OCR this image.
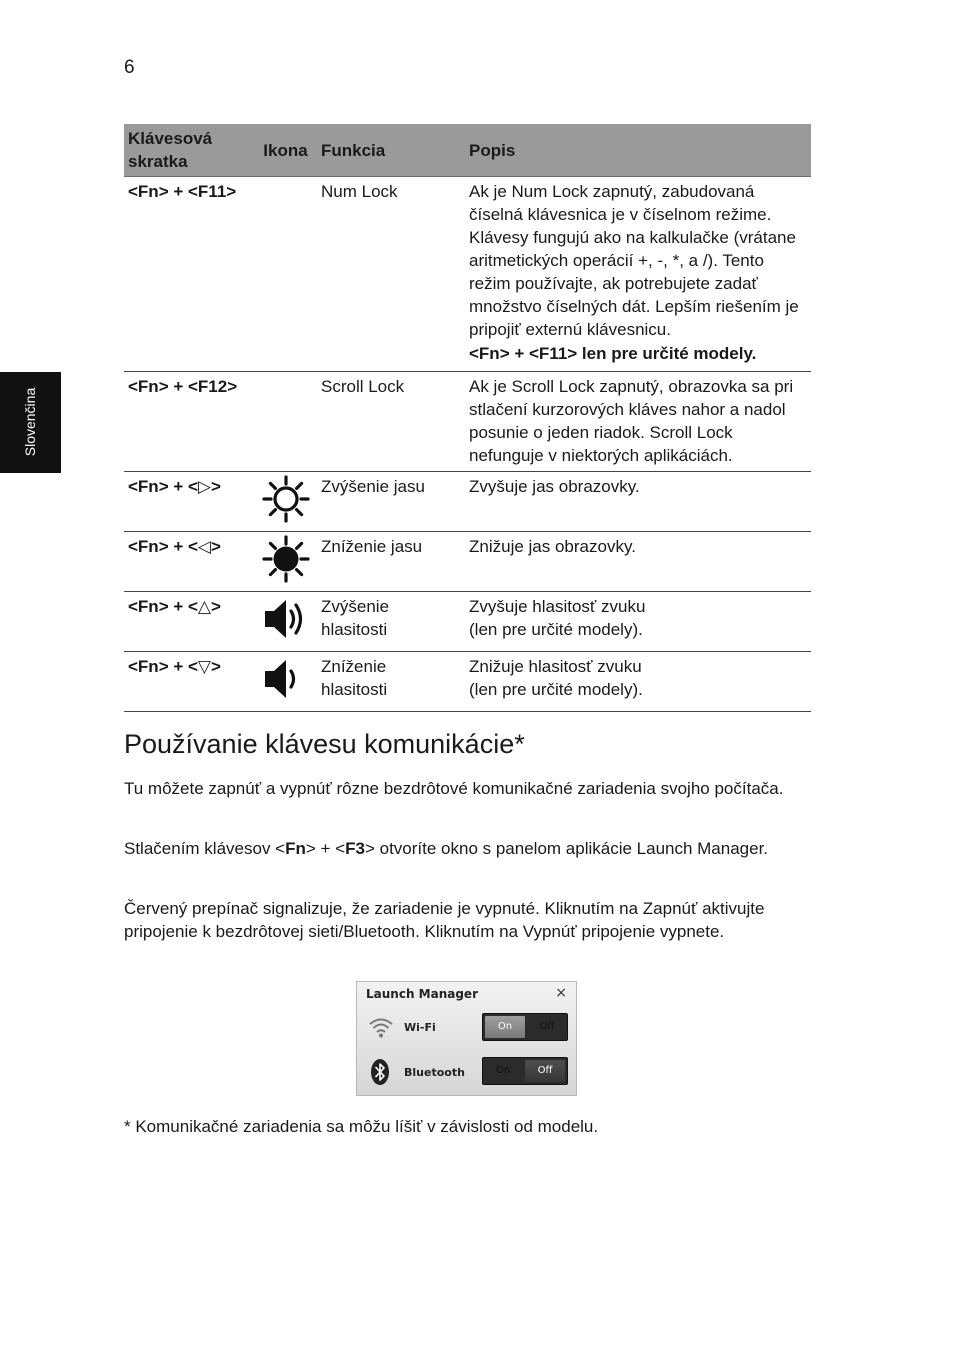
6
Slovenčina
Klávesová skratka	Ikona	Funkcia	Popis
<Fn> + <F11>		Num Lock	Ak je Num Lock zapnutý, zabudovaná číselná klávesnica je v číselnom režime. Klávesy fungujú ako na kalkulačke (vrátane aritmetických operácií +, -, *, a /). Tento režim používajte, ak potrebujete zadať množstvo číselných dát. Lepším riešením je pripojiť externú klávesnicu.
<Fn> + <F11> len pre určité modely.

<Fn> + <F12>		Scroll Lock	Ak je Scroll Lock zapnutý, obrazovka sa pri stlačení kurzorových kláves nahor a nadol posunie o jeden riadok. Scroll Lock nefunguje v niektorých aplikáciách.
<Fn> + <▷>		Zvýšenie jasu	Zvyšuje jas obrazovky.
<Fn> + <◁>		Zníženie jasu	Znižuje jas obrazovky.
<Fn> + <△>		Zvýšenie
hlasitosti	Zvyšuje hlasitosť zvuku
(len pre určité modely).
<Fn> + <▽>		Zníženie
hlasitosti	Znižuje hlasitosť zvuku
(len pre určité modely).
Používanie klávesu komunikácie*

Tu môžete zapnúť a vypnúť rôzne bezdrôtové komunikačné zariadenia svojho počítača.

Stlačením klávesov <Fn> + <F3> otvoríte okno s panelom aplikácie Launch Manager.

Červený prepínač signalizuje, že zariadenie je vypnuté. Kliknutím na Zapnúť aktivujte pripojenie k bezdrôtovej sieti/Bluetooth. Kliknutím na Vypnúť pripojenie vypnete.

Launch Manager	×
Wi-Fi	On	Off
Bluetooth	On	Off

* Komunikačné zariadenia sa môžu líšiť v závislosti od modelu.
